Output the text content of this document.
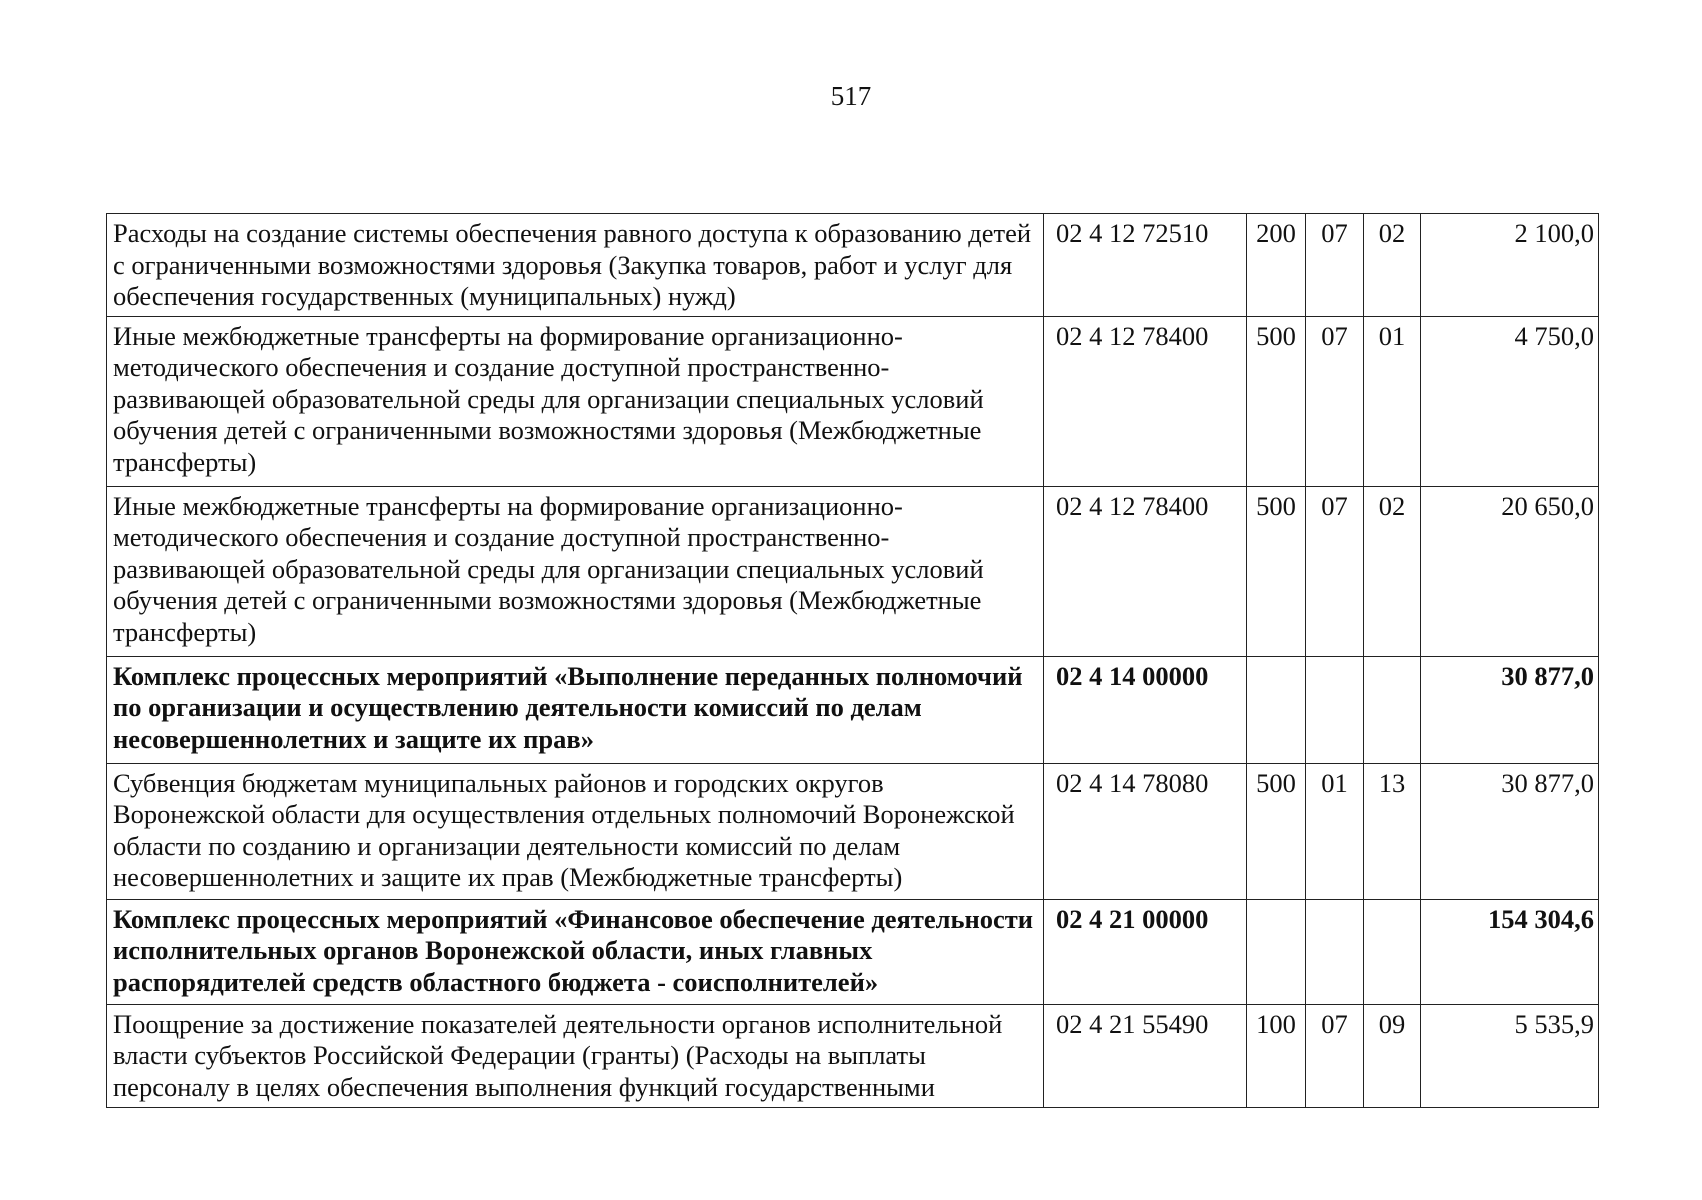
517
Расходы на создание системы обеспечения равного доступа к образованию детей с ограниченными возможностями здоровья (Закупка товаров, работ и услуг для обеспечения государственных (муниципальных) нужд)	02 4 12 72510	200	07	02	2 100,0
Иные межбюджетные трансферты на формирование организационно-методического обеспечения и создание доступной пространственно-развивающей образовательной среды для организации специальных условий обучения детей с ограниченными возможностями здоровья (Межбюджетные трансферты)	02 4 12 78400	500	07	01	4 750,0
Иные межбюджетные трансферты на формирование организационно-методического обеспечения и создание доступной пространственно-развивающей образовательной среды для организации специальных условий обучения детей с ограниченными возможностями здоровья (Межбюджетные трансферты)	02 4 12 78400	500	07	02	20 650,0
Комплекс процессных мероприятий «Выполнение переданных полномочий по организации и осуществлению деятельности комиссий по делам несовершеннолетних и защите их прав»	02 4 14 00000				30 877,0
Субвенция бюджетам муниципальных районов и городских округов Воронежской области для осуществления отдельных полномочий Воронежской области по созданию и организации деятельности комиссий по делам несовершеннолетних и защите их прав (Межбюджетные трансферты)	02 4 14 78080	500	01	13	30 877,0
Комплекс процессных мероприятий «Финансовое обеспечение деятельности исполнительных органов Воронежской области, иных главных распорядителей средств областного бюджета - соисполнителей»	02 4 21 00000				154 304,6
Поощрение за достижение показателей деятельности органов исполнительной власти субъектов Российской Федерации (гранты) (Расходы на выплаты персоналу в целях обеспечения выполнения функций государственными	02 4 21 55490	100	07	09	5 535,9
